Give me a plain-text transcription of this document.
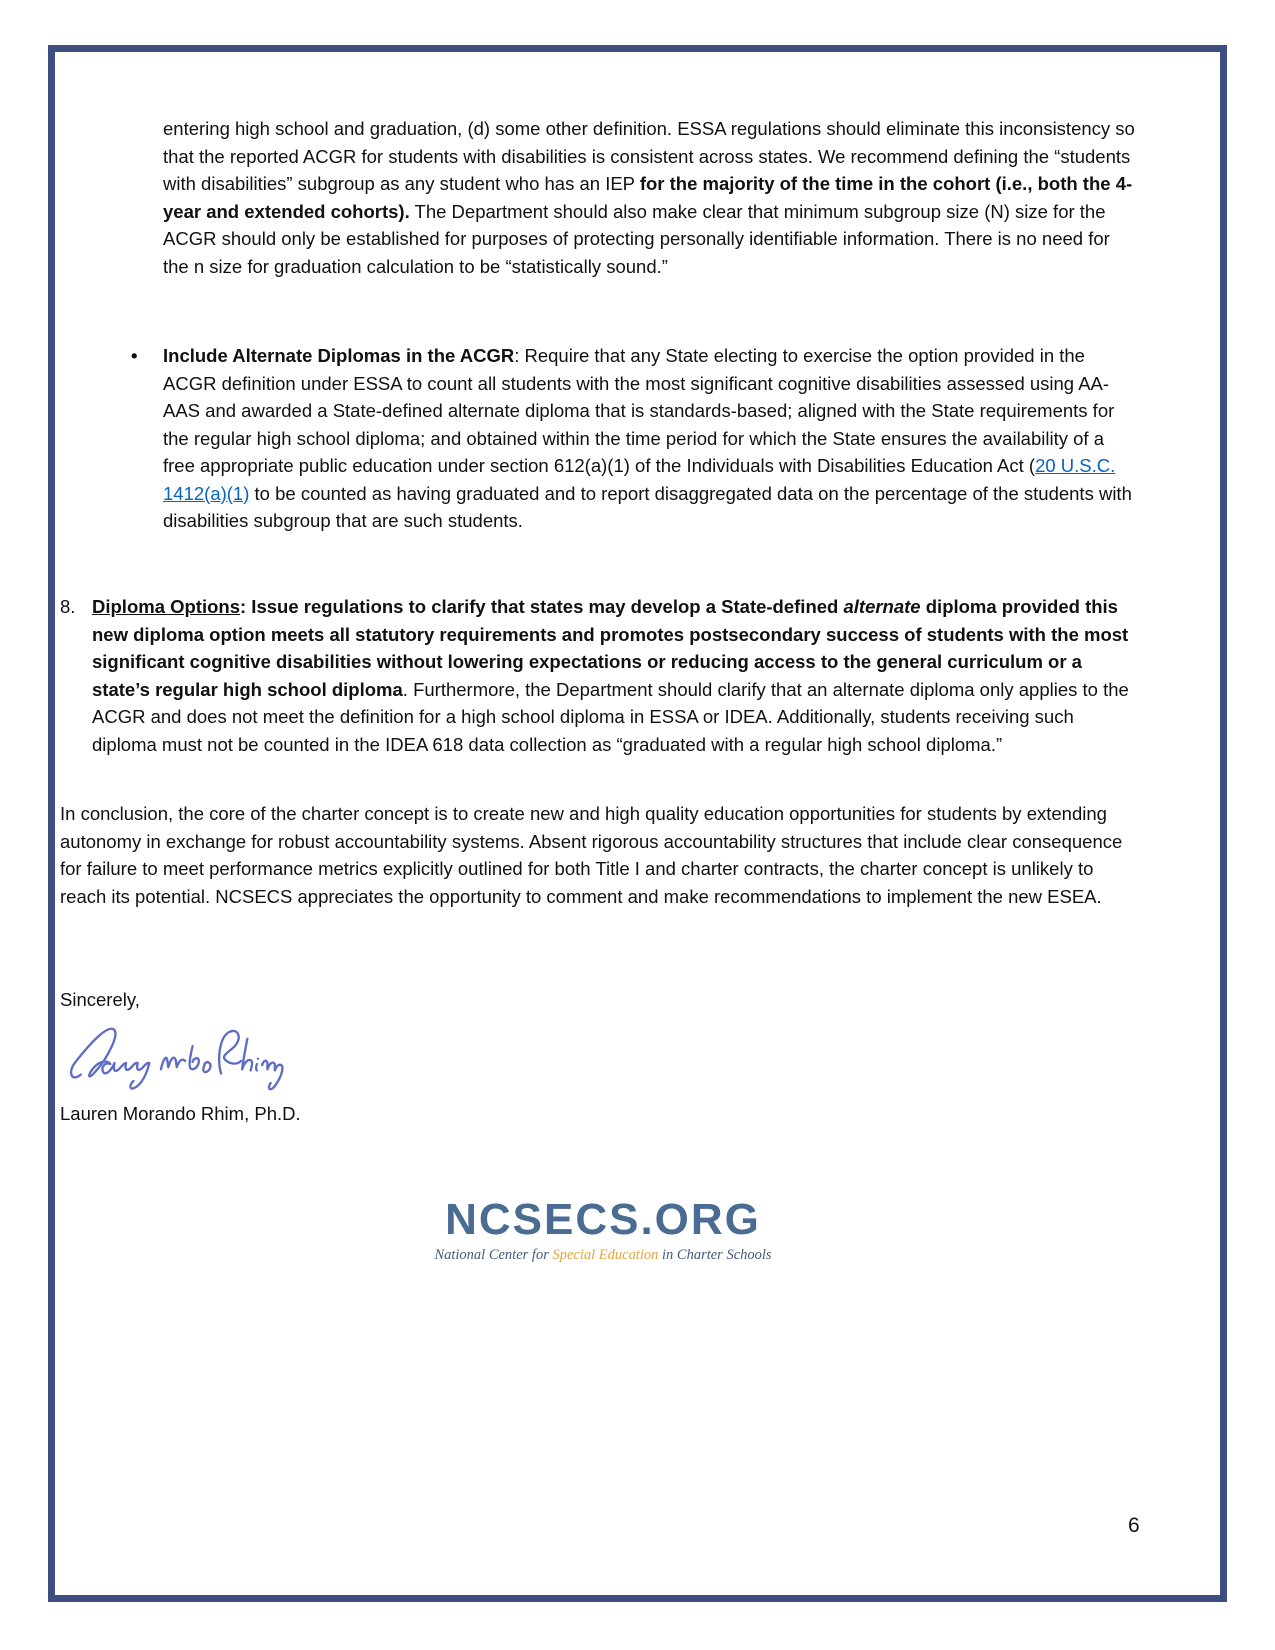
entering high school and graduation, (d) some other definition. ESSA regulations should eliminate this inconsistency so that the reported ACGR for students with disabilities is consistent across states. We recommend defining the “students with disabilities” subgroup as any student who has an IEP for the majority of the time in the cohort (i.e., both the 4-year and extended cohorts). The Department should also make clear that minimum subgroup size (N) size for the ACGR should only be established for purposes of protecting personally identifiable information. There is no need for the n size for graduation calculation to be “statistically sound.”
• Include Alternate Diplomas in the ACGR: Require that any State electing to exercise the option provided in the ACGR definition under ESSA to count all students with the most significant cognitive disabilities assessed using AA-AAS and awarded a State-defined alternate diploma that is standards-based; aligned with the State requirements for the regular high school diploma; and obtained within the time period for which the State ensures the availability of a free appropriate public education under section 612(a)(1) of the Individuals with Disabilities Education Act (20 U.S.C. 1412(a)(1) to be counted as having graduated and to report disaggregated data on the percentage of the students with disabilities subgroup that are such students.
8. Diploma Options: Issue regulations to clarify that states may develop a State-defined alternate diploma provided this new diploma option meets all statutory requirements and promotes postsecondary success of students with the most significant cognitive disabilities without lowering expectations or reducing access to the general curriculum or a state’s regular high school diploma. Furthermore, the Department should clarify that an alternate diploma only applies to the ACGR and does not meet the definition for a high school diploma in ESSA or IDEA. Additionally, students receiving such diploma must not be counted in the IDEA 618 data collection as “graduated with a regular high school diploma.”
In conclusion, the core of the charter concept is to create new and high quality education opportunities for students by extending autonomy in exchange for robust accountability systems. Absent rigorous accountability structures that include clear consequence for failure to meet performance metrics explicitly outlined for both Title I and charter contracts, the charter concept is unlikely to reach its potential. NCSECS appreciates the opportunity to comment and make recommendations to implement the new ESEA.
Sincerely,
Lauren Morando Rhim, Ph.D.
NCSECS.ORG
National Center for Special Education in Charter Schools
6
